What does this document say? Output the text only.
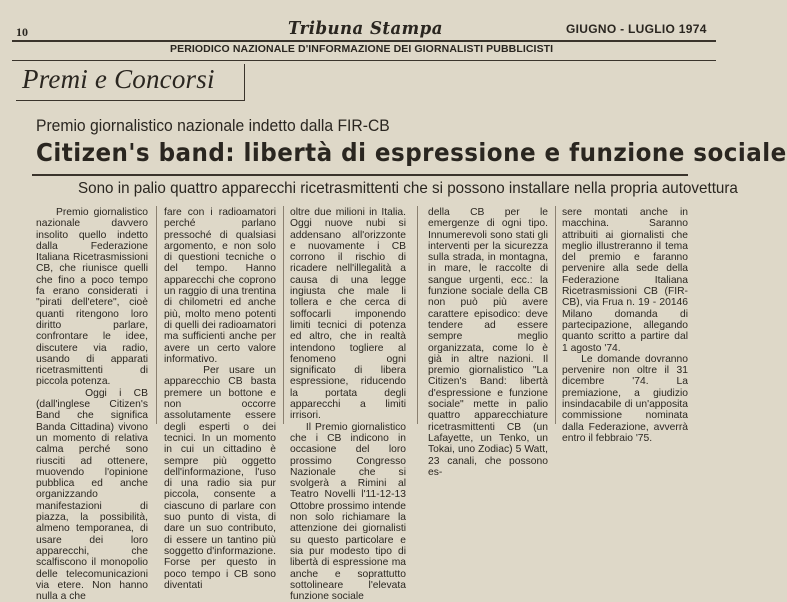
10	Tribuna Stampa	GIUGNO - LUGLIO 1974
PERIODICO NAZIONALE D'INFORMAZIONE DEI GIORNALISTI PUBBLICISTI
Premi e Concorsi
Premio giornalistico nazionale indetto dalla FIR-CB
Citizen's band: libertà di espressione e funzione sociale
Sono in palio quattro apparecchi ricetrasmittenti che si possono installare nella propria autovettura
Premio giornalistico nazionale davvero insolito quello indetto dalla Federazione Italiana Ricetrasmissioni CB, che riunisce quelli che fino a poco tempo fa erano considerati i "pirati dell'etere", cioè quanti ritengono loro diritto parlare, confrontare le idee, discutere via radio, usando di apparati ricetrasmittenti di piccola potenza.
Oggi i CB (dall'inglese Citizen's Band che significa Banda Cittadina) vivono un momento di relativa calma perché sono riusciti ad ottenere, muovendo l'opinione pubblica ed anche organizzando manifestazioni di piazza, la possibilità, almeno temporanea, di usare dei loro apparecchi, che scalfiscono il monopolio delle telecomunicazioni via etere. Non hanno nulla a che
fare con i radioamatori perché parlano pressoché di qualsiasi argomento, e non solo di questioni tecniche o del tempo. Hanno apparecchi che coprono un raggio di una trentina di chilometri ed anche più, molto meno potenti di quelli dei radioamatori ma sufficienti anche per avere un certo valore informativo.
Per usare un apparecchio CB basta premere un bottone e non occorre assolutamente essere degli esperti o dei tecnici. In un momento in cui un cittadino è sempre più oggetto dell'informazione, l'uso di una radio sia pur piccola, consente a ciascuno di parlare con suo punto di vista, di dare un suo contributo, di essere un tantino più soggetto d'informazione. Forse per questo in poco tempo i CB sono diventati
oltre due milioni in Italia. Oggi nuove nubi si addensano all'orizzonte e nuovamente i CB corrono il rischio di ricadere nell'illegalità a causa di una legge ingiusta che male li tollera e che cerca di soffocarli imponendo limiti tecnici di potenza ed altro, che in realtà intendono togliere al fenomeno ogni significato di libera espressione, riducendo la portata degli apparecchi a limiti irrisori.
Il Premio giornalistico che i CB indicono in occasione del loro prossimo Congresso Nazionale che si svolgerà a Rimini al Teatro Novelli l'11-12-13 Ottobre prossimo intende non solo richiamare la attenzione dei giornalisti su questo particolare e sia pur modesto tipo di libertà di espressione ma anche e soprattutto sottolineare l'elevata funzione sociale
della CB per le emergenze di ogni tipo. Innumerevoli sono stati gli interventi per la sicurezza sulla strada, in montagna, in mare, le raccolte di sangue urgenti, ecc.: la funzione sociale della CB non può più avere carattere episodico: deve tendere ad essere sempre meglio organizzata, come lo è già in altre nazioni. Il premio giornalistico "La Citizen's Band: libertà d'espressione e funzione sociale" mette in palio quattro apparecchiature ricetrasmittenti CB (un Lafayette, un Tenko, un Tokai, uno Zodiac) 5 Watt, 23 canali, che possono es-
sere montati anche in macchina. Saranno attribuiti ai giornalisti che meglio illustreranno il tema del premio e faranno pervenire alla sede della Federazione Italiana Ricetrasmissioni CB (FIR-CB), via Frua n. 19 - 20146 Milano domanda di partecipazione, allegando quanto scritto a partire dal 1 agosto '74.
Le domande dovranno pervenire non oltre il 31 dicembre '74. La premiazione, a giudizio insindacabile di un'apposita commissione nominata dalla Federazione, avverrà entro il febbraio '75.
